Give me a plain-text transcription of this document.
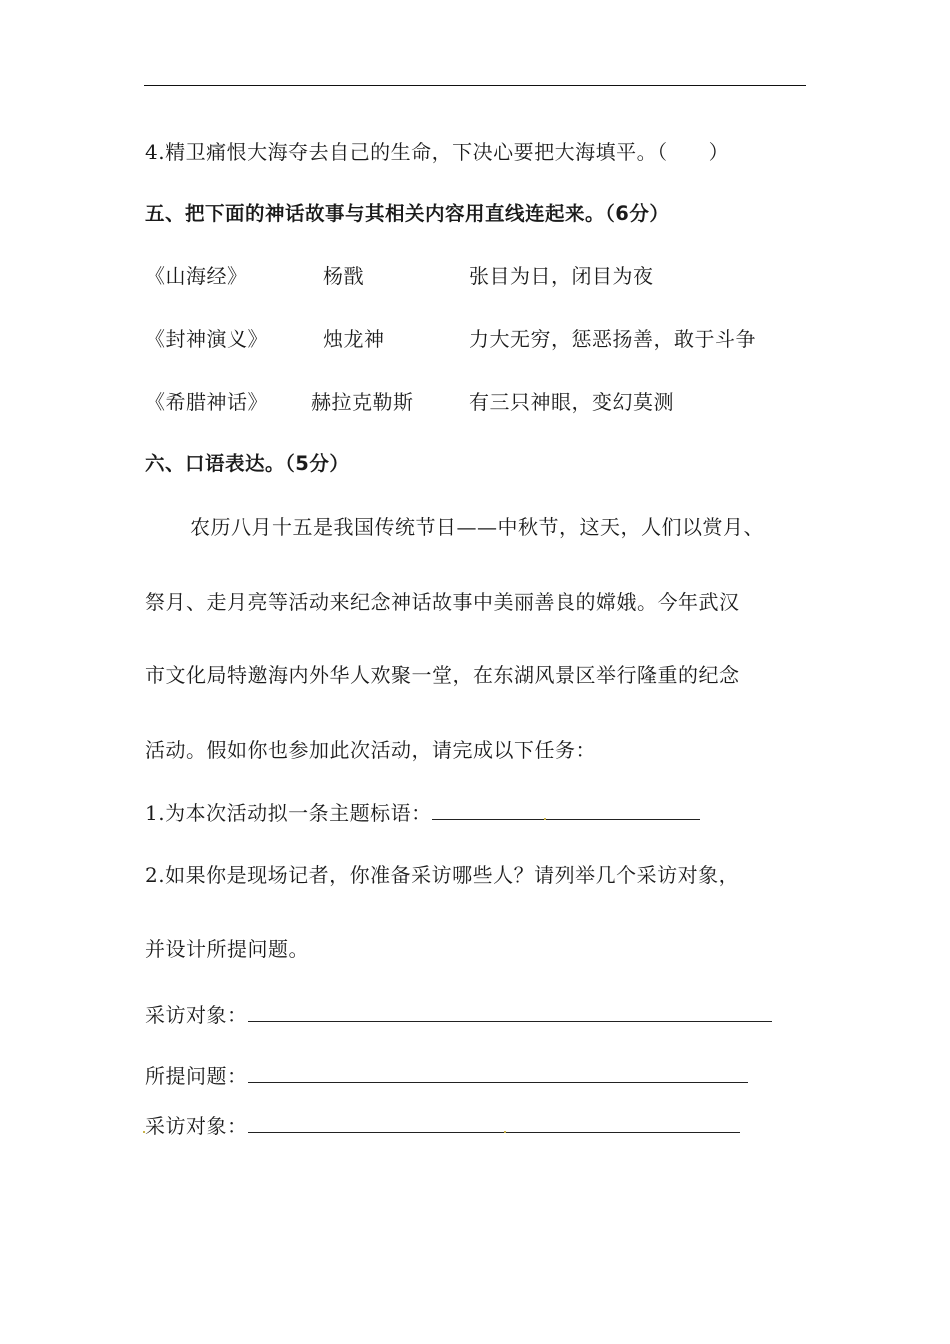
4.精卫痛恨大海夺去自己的生命，下决心要把大海填平。（　　）
五、把下面的神话故事与其相关内容用直线连起来。（6分）
《山海经》	杨戬	张目为日，闭目为夜
《封神演义》	烛龙神	力大无穷，惩恶扬善，敢于斗争
《希腊神话》 赫拉克勒斯	有三只神眼，变幻莫测
六、口语表达。（5分）
农历八月十五是我国传统节日——中秋节，这天，人们以赏月、
祭月、走月亮等活动来纪念神话故事中美丽善良的嫦娥。今年武汉
市文化局特邀海内外华人欢聚一堂，在东湖风景区举行隆重的纪念
活动。假如你也参加此次活动，请完成以下任务：
1.为本次活动拟一条主题标语：
2.如果你是现场记者，你准备采访哪些人？请列举几个采访对象，
并设计所提问题。
采访对象：
所提问题：
采访对象：
